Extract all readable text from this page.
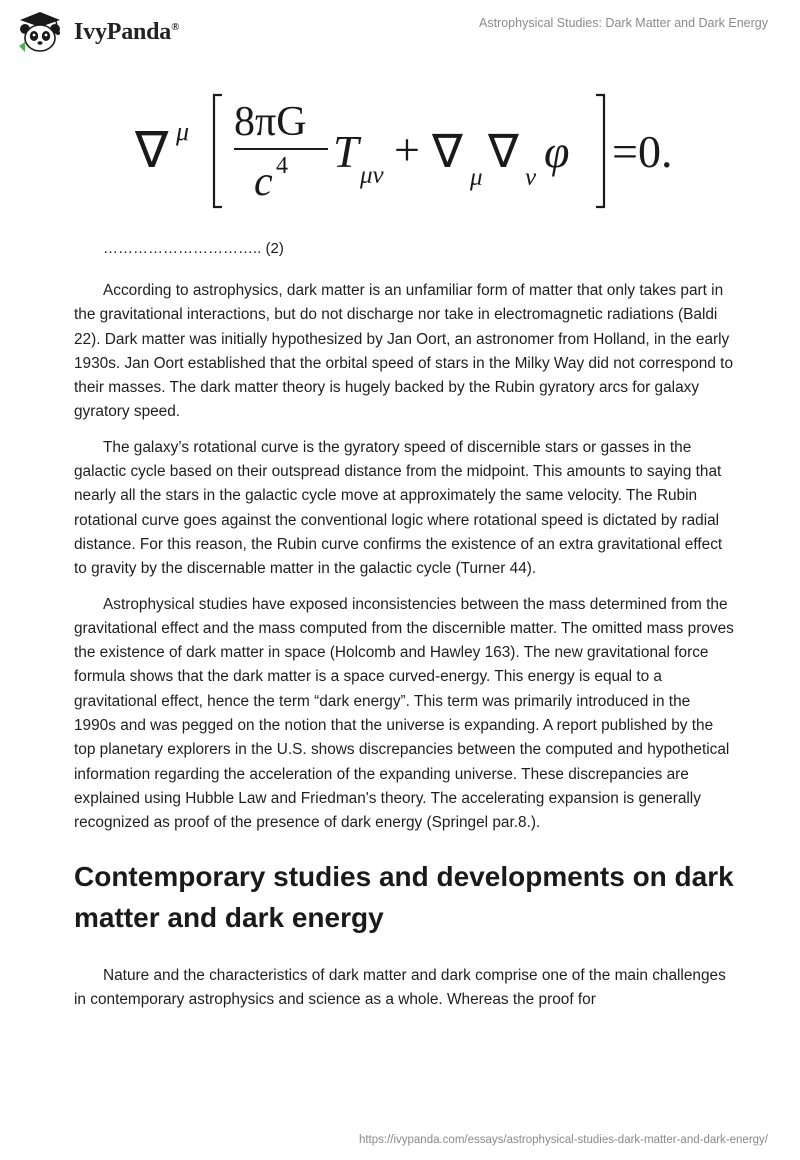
IvyPanda®	Astrophysical Studies: Dark Matter and Dark Energy
∇ μ 8πG
c 4 T μν
+ ∇
μ
∇
ν
φ =0.
………………………….. (2)

According to astrophysics, dark matter is an unfamiliar form of matter that only takes part in the gravitational interactions, but do not discharge nor take in electromagnetic radiations (Baldi 22). Dark matter was initially hypothesized by Jan Oort, an astronomer from Holland, in the early 1930s. Jan Oort established that the orbital speed of stars in the Milky Way did not correspond to their masses. The dark matter theory is hugely backed by the Rubin gyratory arcs for galaxy gyratory speed.

The galaxy’s rotational curve is the gyratory speed of discernible stars or gasses in the galactic cycle based on their outspread distance from the midpoint. This amounts to saying that nearly all the stars in the galactic cycle move at approximately the same velocity. The Rubin rotational curve goes against the conventional logic where rotational speed is dictated by radial distance. For this reason, the Rubin curve confirms the existence of an extra gravitational effect to gravity by the discernable matter in the galactic cycle (Turner 44).

Astrophysical studies have exposed inconsistencies between the mass determined from the gravitational effect and the mass computed from the discernible matter. The omitted mass proves the existence of dark matter in space (Holcomb and Hawley 163). The new gravitational force formula shows that the dark matter is a space curved-energy. This energy is equal to a gravitational effect, hence the term “dark energy”. This term was primarily introduced in the 1990s and was pegged on the notion that the universe is expanding. A report published by the top planetary explorers in the U.S. shows discrepancies between the computed and hypothetical information regarding the acceleration of the expanding universe. These discrepancies are explained using Hubble Law and Friedman's theory. The accelerating expansion is generally recognized as proof of the presence of dark energy (Springel par.8.).

Contemporary studies and developments on dark matter and dark energy

Nature and the characteristics of dark matter and dark comprise one of the main challenges in contemporary astrophysics and science as a whole. Whereas the proof for

https://ivypanda.com/essays/astrophysical-studies-dark-matter-and-dark-energy/
